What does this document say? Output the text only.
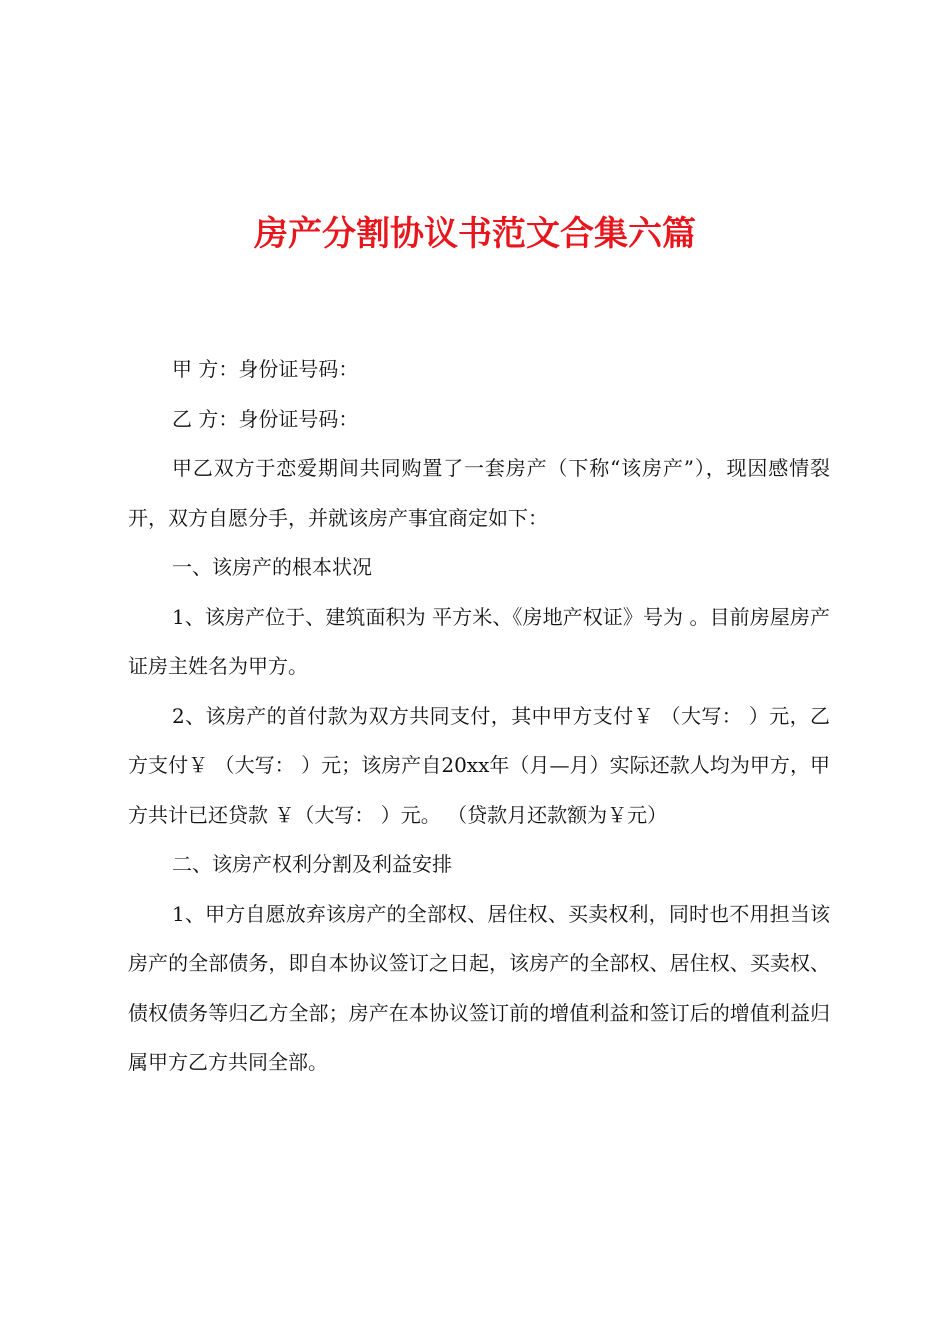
房产分割协议书范文合集六篇

甲 方：身份证号码：

乙 方：身份证号码：

甲乙双方于恋爱期间共同购置了一套房产（下称“该房产”），现因感情裂开，双方自愿分手，并就该房产事宜商定如下：

一、该房产的根本状况

1、该房产位于、建筑面积为 平方米、《房地产权证》号为 。目前房屋房产证房主姓名为甲方。

2、该房产的首付款为双方共同支付，其中甲方支付￥ （大写： ）元，乙方支付￥ （大写： ）元；该房产自20xx年（月—月）实际还款人均为甲方，甲方共计已还贷款 ￥（大写： ）元。 （贷款月还款额为￥元）

二、该房产权利分割及利益安排

1、甲方自愿放弃该房产的全部权、居住权、买卖权利，同时也不用担当该房产的全部债务，即自本协议签订之日起，该房产的全部权、居住权、买卖权、债权债务等归乙方全部；房产在本协议签订前的增值利益和签订后的增值利益归属甲方乙方共同全部。
